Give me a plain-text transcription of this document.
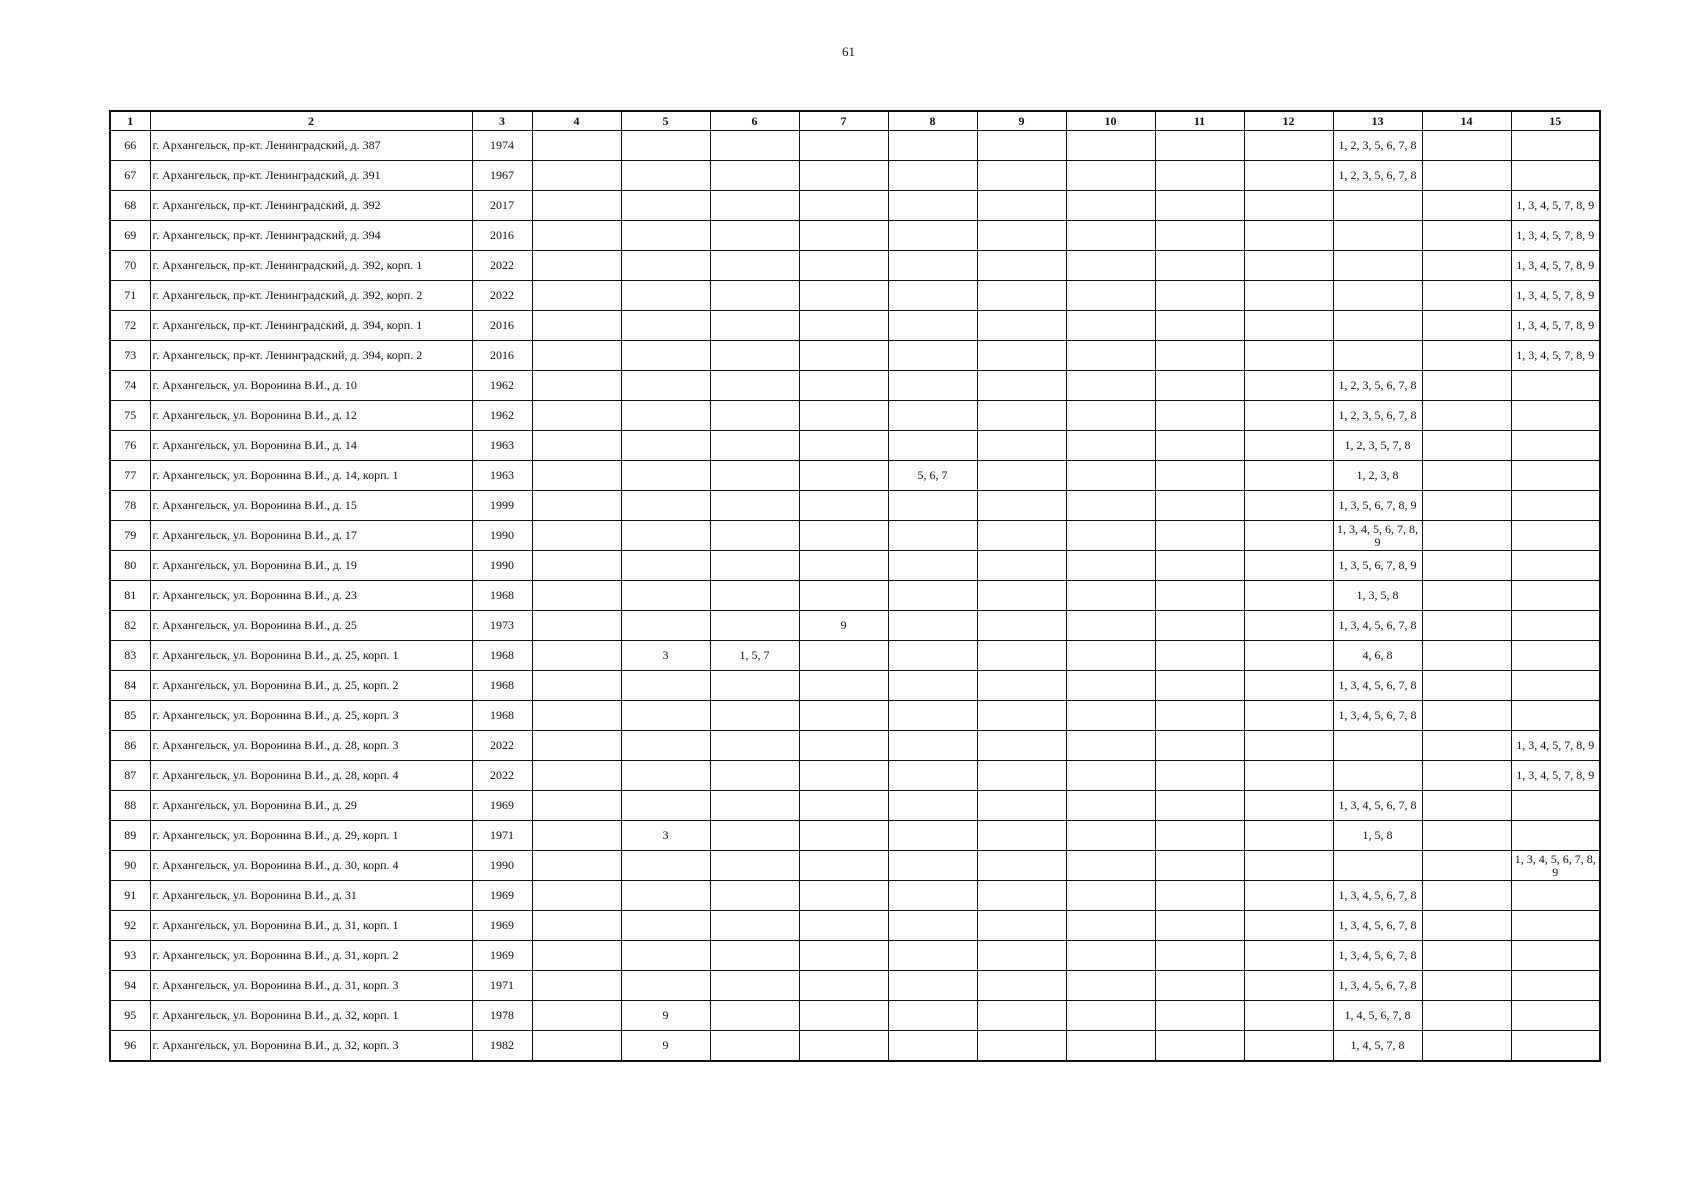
61
1	2	3	4	5	6	7	8	9	10	11	12	13	14	15
66	г. Архангельск, пр-кт. Ленинградский, д. 387	1974										1, 2, 3, 5, 6, 7, 8		
67	г. Архангельск, пр-кт. Ленинградский, д. 391	1967										1, 2, 3, 5, 6, 7, 8		
68	г. Архангельск, пр-кт. Ленинградский, д. 392	2017												1, 3, 4, 5, 7, 8, 9
69	г. Архангельск, пр-кт. Ленинградский, д. 394	2016												1, 3, 4, 5, 7, 8, 9
70	г. Архангельск, пр-кт. Ленинградский, д. 392, корп. 1	2022												1, 3, 4, 5, 7, 8, 9
71	г. Архангельск, пр-кт. Ленинградский, д. 392, корп. 2	2022												1, 3, 4, 5, 7, 8, 9
72	г. Архангельск, пр-кт. Ленинградский, д. 394, корп. 1	2016												1, 3, 4, 5, 7, 8, 9
73	г. Архангельск, пр-кт. Ленинградский, д. 394, корп. 2	2016												1, 3, 4, 5, 7, 8, 9
74	г. Архангельск, ул. Воронина В.И., д. 10	1962										1, 2, 3, 5, 6, 7, 8		
75	г. Архангельск, ул. Воронина В.И., д. 12	1962										1, 2, 3, 5, 6, 7, 8		
76	г. Архангельск, ул. Воронина В.И., д. 14	1963										1, 2, 3, 5, 7, 8		
77	г. Архангельск, ул. Воронина В.И., д. 14, корп. 1	1963					5, 6, 7					1, 2, 3, 8		
78	г. Архангельск, ул. Воронина В.И., д. 15	1999										1, 3, 5, 6, 7, 8, 9		
79	г. Архангельск, ул. Воронина В.И., д. 17	1990										1, 3, 4, 5, 6, 7, 8, 9		
80	г. Архангельск, ул. Воронина В.И., д. 19	1990										1, 3, 5, 6, 7, 8, 9		
81	г. Архангельск, ул. Воронина В.И., д. 23	1968										1, 3, 5, 8		
82	г. Архангельск, ул. Воронина В.И., д. 25	1973				9						1, 3, 4, 5, 6, 7, 8		
83	г. Архангельск, ул. Воронина В.И., д. 25, корп. 1	1968		3	1, 5, 7							4, 6, 8		
84	г. Архангельск, ул. Воронина В.И., д. 25, корп. 2	1968										1, 3, 4, 5, 6, 7, 8		
85	г. Архангельск, ул. Воронина В.И., д. 25, корп. 3	1968										1, 3, 4, 5, 6, 7, 8		
86	г. Архангельск, ул. Воронина В.И., д. 28, корп. 3	2022												1, 3, 4, 5, 7, 8, 9
87	г. Архангельск, ул. Воронина В.И., д. 28, корп. 4	2022												1, 3, 4, 5, 7, 8, 9
88	г. Архангельск, ул. Воронина В.И., д. 29	1969										1, 3, 4, 5, 6, 7, 8		
89	г. Архангельск, ул. Воронина В.И., д. 29, корп. 1	1971		3								1, 5, 8		
90	г. Архангельск, ул. Воронина В.И., д. 30, корп. 4	1990												1, 3, 4, 5, 6, 7, 8, 9
91	г. Архангельск, ул. Воронина В.И., д. 31	1969										1, 3, 4, 5, 6, 7, 8		
92	г. Архангельск, ул. Воронина В.И., д. 31, корп. 1	1969										1, 3, 4, 5, 6, 7, 8		
93	г. Архангельск, ул. Воронина В.И., д. 31, корп. 2	1969										1, 3, 4, 5, 6, 7, 8		
94	г. Архангельск, ул. Воронина В.И., д. 31, корп. 3	1971										1, 3, 4, 5, 6, 7, 8		
95	г. Архангельск, ул. Воронина В.И., д. 32, корп. 1	1978		9								1, 4, 5, 6, 7, 8		
96	г. Архангельск, ул. Воронина В.И., д. 32, корп. 3	1982		9								1, 4, 5, 7, 8		
